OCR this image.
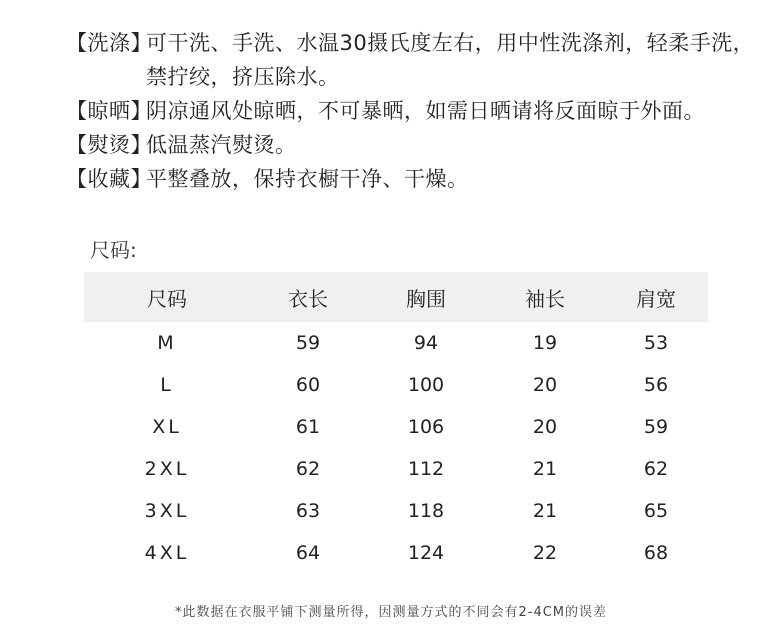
【洗涤】
可干洗、手洗、水温30摄氏度左右，用中性洗涤剂，轻柔手洗，禁拧绞，挤压除水。
【晾晒】
阴凉通风处晾晒，不可暴晒，如需日晒请将反面晾于外面。
【熨烫】
低温蒸汽熨烫。
【收藏】
平整叠放，保持衣橱干净、干燥。
尺码:
尺码	衣长	胸围	袖长	肩宽
M	59	94	19	53
L	60	100	20	56
XL	61	106	20	59
2XL	62	112	21	62
3XL	63	118	21	65
4XL	64	124	22	68
*此数据在衣服平铺下测量所得，因测量方式的不同会有2-4CM的误差
